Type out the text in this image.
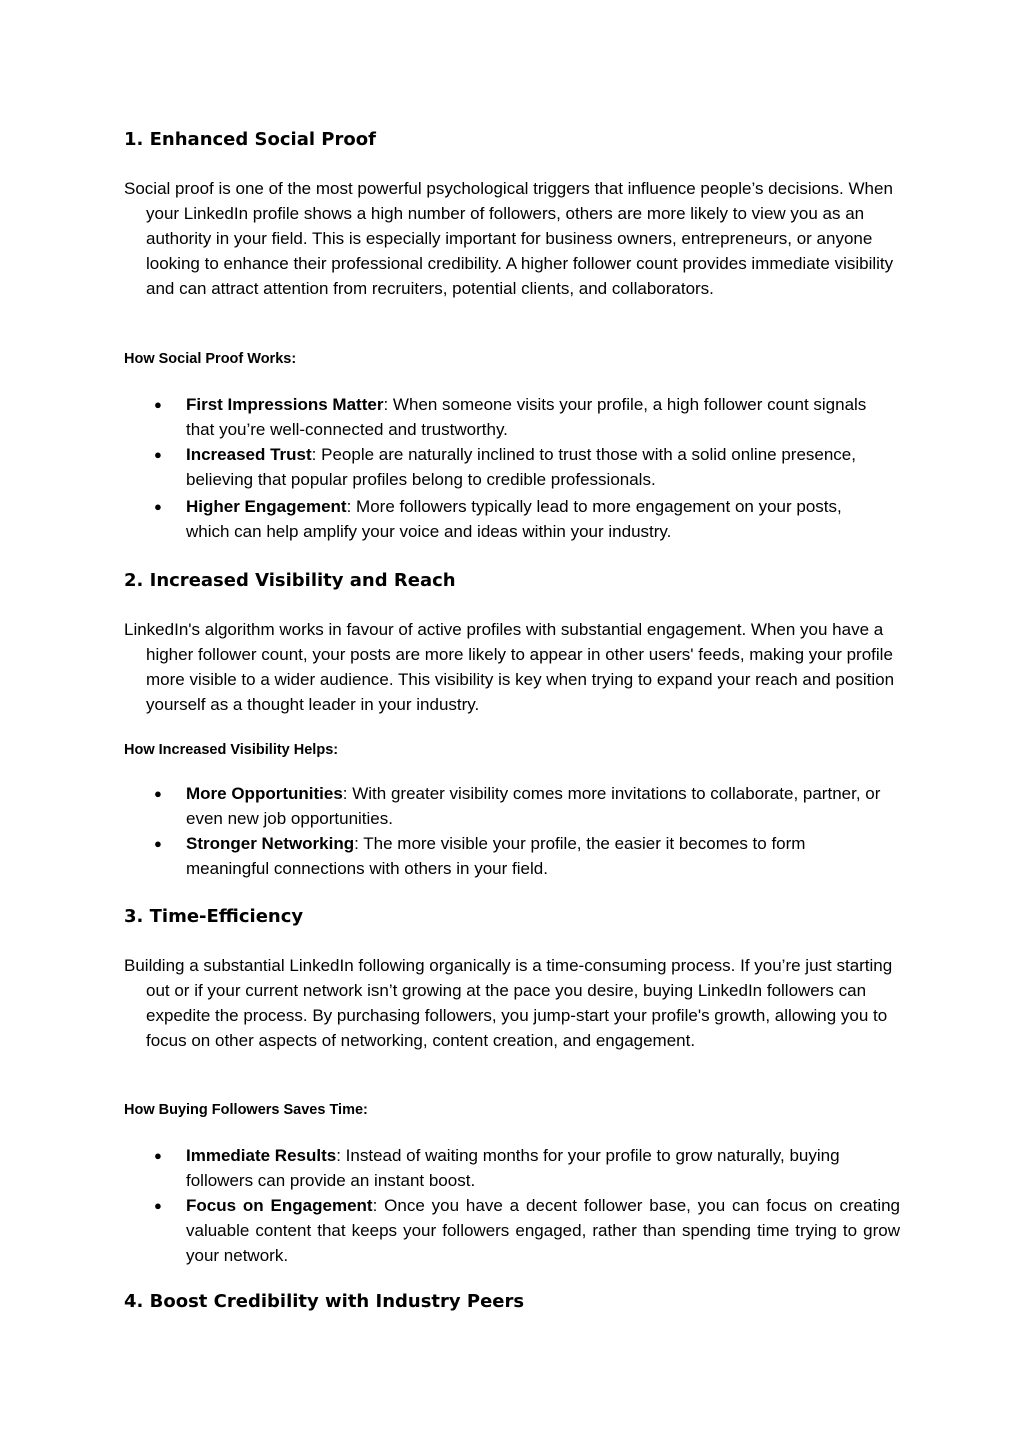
1. Enhanced Social Proof

Social proof is one of the most powerful psychological triggers that influence people’s decisions. When your LinkedIn profile shows a high number of followers, others are more likely to view you as an authority in your field. This is especially important for business owners, entrepreneurs, or anyone looking to enhance their professional credibility. A higher follower count provides immediate visibility and can attract attention from recruiters, potential clients, and collaborators.

How Social Proof Works:
● First Impressions Matter: When someone visits your profile, a high follower count signals that you’re well-connected and trustworthy.
● Increased Trust: People are naturally inclined to trust those with a solid online presence, believing that popular profiles belong to credible professionals.
● Higher Engagement: More followers typically lead to more engagement on your posts, which can help amplify your voice and ideas within your industry.
2. Increased Visibility and Reach

LinkedIn's algorithm works in favour of active profiles with substantial engagement. When you have a higher follower count, your posts are more likely to appear in other users' feeds, making your profile more visible to a wider audience. This visibility is key when trying to expand your reach and position yourself as a thought leader in your industry.

How Increased Visibility Helps:
● More Opportunities: With greater visibility comes more invitations to collaborate, partner, or even new job opportunities.
● Stronger Networking: The more visible your profile, the easier it becomes to form meaningful connections with others in your field.
3. Time-Efficiency

Building a substantial LinkedIn following organically is a time-consuming process. If you’re just starting out or if your current network isn’t growing at the pace you desire, buying LinkedIn followers can expedite the process. By purchasing followers, you jump-start your profile's growth, allowing you to focus on other aspects of networking, content creation, and engagement.

How Buying Followers Saves Time:
● Immediate Results: Instead of waiting months for your profile to grow naturally, buying followers can provide an instant boost.
● Focus on Engagement: Once you have a decent follower base, you can focus on creating valuable content that keeps your followers engaged, rather than spending time trying to grow your network.
4. Boost Credibility with Industry Peers
